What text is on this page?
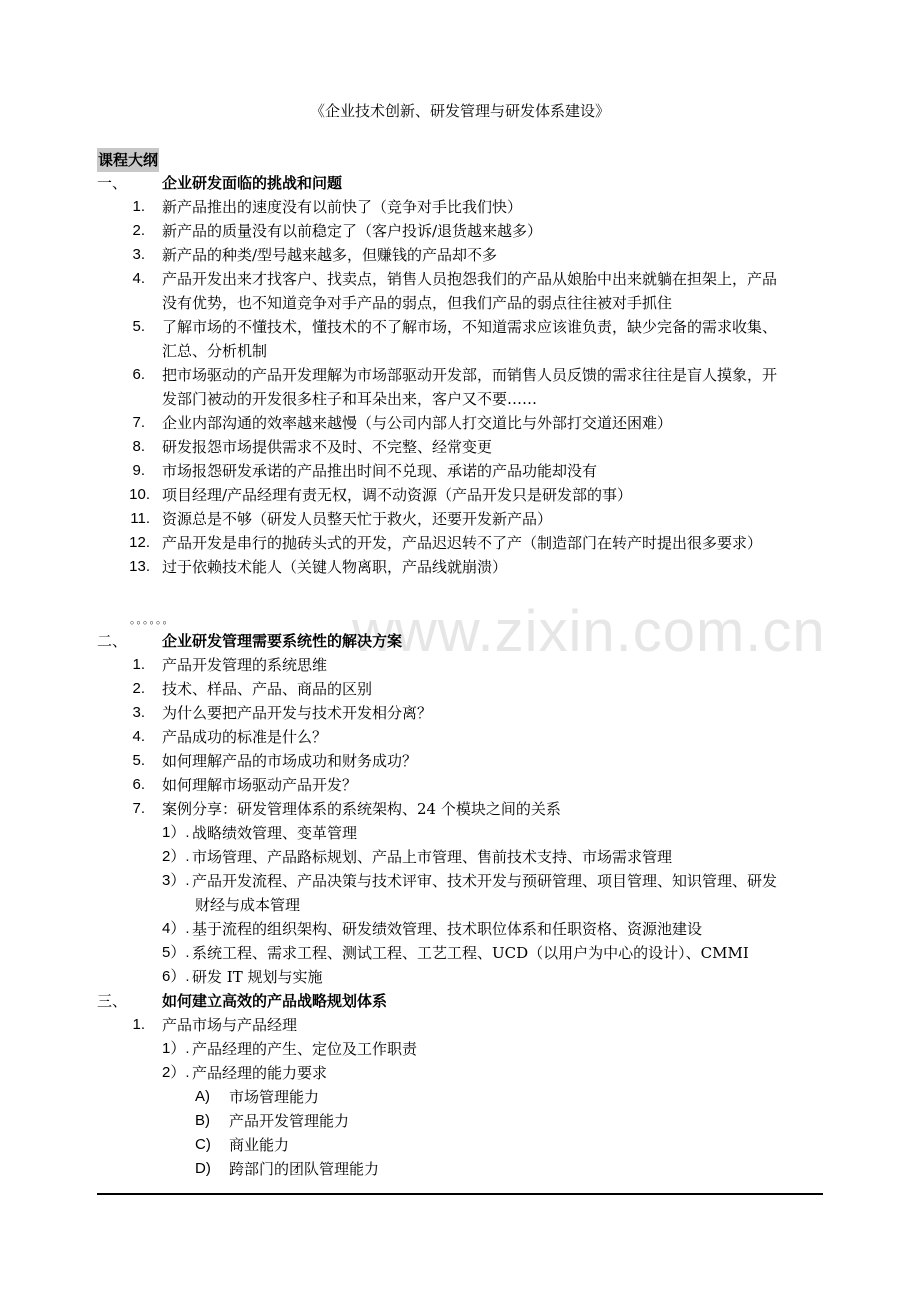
www.zixin.com.cn
《企业技术创新、研发管理与研发体系建设》
课程大纲
一、 企业研发面临的挑战和问题
1. 新产品推出的速度没有以前快了（竞争对手比我们快）
2. 新产品的质量没有以前稳定了（客户投诉/退货越来越多）
3. 新产品的种类/型号越来越多，但赚钱的产品却不多
4. 产品开发出来才找客户、找卖点，销售人员抱怨我们的产品从娘胎中出来就躺在担架上，产品
没有优势，也不知道竞争对手产品的弱点，但我们产品的弱点往往被对手抓住
5. 了解市场的不懂技术，懂技术的不了解市场，不知道需求应该谁负责，缺少完备的需求收集、
汇总、分析机制
6. 把市场驱动的产品开发理解为市场部驱动开发部，而销售人员反馈的需求往往是盲人摸象，开
发部门被动的开发很多柱子和耳朵出来，客户又不要……
7. 企业内部沟通的效率越来越慢（与公司内部人打交道比与外部打交道还困难）
8. 研发报怨市场提供需求不及时、不完整、经常变更
9. 市场报怨研发承诺的产品推出时间不兑现、承诺的产品功能却没有
10. 项目经理/产品经理有责无权，调不动资源（产品开发只是研发部的事）
11. 资源总是不够（研发人员整天忙于救火，还要开发新产品）
12. 产品开发是串行的抛砖头式的开发，产品迟迟转不了产（制造部门在转产时提出很多要求）
13. 过于依赖技术能人（关键人物离职，产品线就崩溃）
。。。。。。
二、 企业研发管理需要系统性的解决方案
1. 产品开发管理的系统思维
2. 技术、样品、产品、商品的区别
3. 为什么要把产品开发与技术开发相分离？
4. 产品成功的标准是什么？
5. 如何理解产品的市场成功和财务成功？
6. 如何理解市场驱动产品开发？
7. 案例分享：研发管理体系的系统架构、24 个模块之间的关系
1）. 战略绩效管理、变革管理
2）. 市场管理、产品路标规划、产品上市管理、售前技术支持、市场需求管理
3）. 产品开发流程、产品决策与技术评审、技术开发与预研管理、项目管理、知识管理、研发
财经与成本管理
4）. 基于流程的组织架构、研发绩效管理、技术职位体系和任职资格、资源池建设
5）. 系统工程、需求工程、测试工程、工艺工程、UCD（以用户为中心的设计）、CMMI
6）. 研发 IT 规划与实施
三、 如何建立高效的产品战略规划体系
1. 产品市场与产品经理
1）. 产品经理的产生、定位及工作职责
2）. 产品经理的能力要求
A) 市场管理能力
B) 产品开发管理能力
C) 商业能力
D) 跨部门的团队管理能力
